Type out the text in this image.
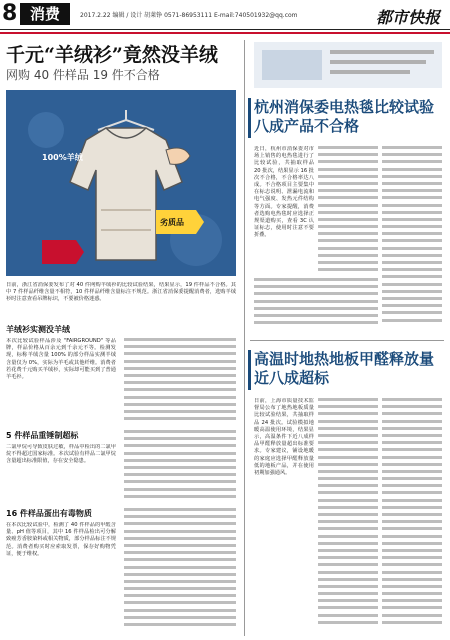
8 消费	2017.2.22 编辑 / 设计 胡莱铮 0571-86953111 E-mail:740501932@qq.com	都市快报
千元“羊绒衫”竟然没羊绒
网购 40 件样品 19 件不合格
100%羊绒
劣质品
日前，浙江省消保委发布了对 40 件网购羊绒衫的比较试验结果，结果显示，19 件样品不合格。其中 7 件样品纤维含量不相符，10 件样品纤维含量标注不规范。浙江省消保委提醒消费者，选购羊绒衫时注意查看吊牌标识，不要被价格迷惑。
羊绒衫实测没羊绒
本次比较试验样品涉及 "FAIRGROUND" 等品牌，样品价格从百余元到千余元不等。检测发现，标称羊绒含量 100% 的部分样品实测羊绒含量仅为 0%，实际为羊毛或其他纤维。消费者若花费千元购买羊绒衫，实际却可能买到了普通羊毛衫。
5 件样品重锤制超标
二氯甲烷可导致皮肤过敏，样品中检出的二氯甲烷不得超过国家标准。本次试验有样品二氯甲烷含量超出标准限值，存在安全隐患。
16 件样品蛋出有毒物质
在本次比较试验中，检测了 40 件样品的甲醛含量、pH 值等项目，其中 16 件样品检出可分解致癌芳香胺染料或相关物质，部分样品标注不规范。消费者购买时应索取发票，保存好购物凭证，便于维权。
杭州消保委电热毯比较试验八成产品不合格
近日，杭州市消保委对市场上销售的电热毯进行了比较试验，共抽取样品 20 批次，结果显示 16 批次不合格，不合格率达八成。不合格项目主要集中在标志说明、泄漏电流和电气强度、发热元件结构等方面。专家提醒，消费者选购电热毯时应选择正规渠道购买，查看 3C 认证标志，使用时注意不要折叠。
高温时地热地板甲醛释放量近八成超标
日前，上海市质量技术监督局公布了地热地板质量比较试验结果，共抽取样品 24 批次。试验模拟地暖高温使用环境，结果显示，高温条件下近八成样品甲醛释放量超出标准要求。专家建议，铺设地暖的家庭应选择甲醛释放量低的地板产品，并在使用初期加强通风。
